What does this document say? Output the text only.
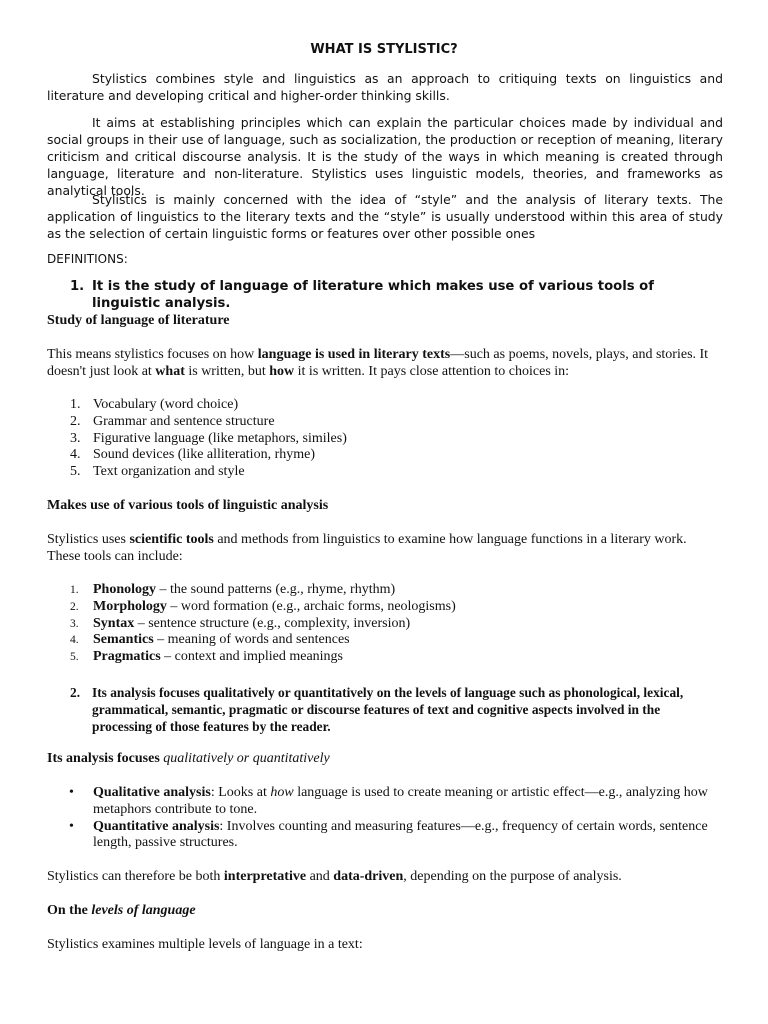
WHAT IS STYLISTIC?

Stylistics combines style and linguistics as an approach to critiquing texts on linguistics and literature and developing critical and higher-order thinking skills.

It aims at establishing principles which can explain the particular choices made by individual and social groups in their use of language, such as socialization, the production or reception of meaning, literary criticism and critical discourse analysis. It is the study of the ways in which meaning is created through language, literature and non-literature. Stylistics uses linguistic models, theories, and frameworks as analytical tools.

Stylistics is mainly concerned with the idea of “style” and the analysis of literary texts. The application of linguistics to the literary texts and the “style” is usually understood within this area of study as the selection of certain linguistic forms or features over other possible ones

DEFINITIONS:
1. It is the study of language of literature which makes use of various tools of linguistic analysis.

Study of language of literature

This means stylistics focuses on how language is used in literary texts—such as poems, novels, plays, and stories. It doesn't just look at what is written, but how it is written. It pays close attention to choices in:

1. Vocabulary (word choice)
2. Grammar and sentence structure
3. Figurative language (like metaphors, similes)
4. Sound devices (like alliteration, rhyme)
5. Text organization and style

Makes use of various tools of linguistic analysis

Stylistics uses scientific tools and methods from linguistics to examine how language functions in a literary work. These tools can include:

1. Phonology – the sound patterns (e.g., rhyme, rhythm)
2. Morphology – word formation (e.g., archaic forms, neologisms)
3. Syntax – sentence structure (e.g., complexity, inversion)
4. Semantics – meaning of words and sentences
5. Pragmatics – context and implied meanings
2. Its analysis focuses qualitatively or quantitatively on the levels of language such as phonological, lexical, grammatical, semantic, pragmatic or discourse features of text and cognitive aspects involved in the processing of those features by the reader.

Its analysis focuses qualitatively or quantitatively

• Qualitative analysis: Looks at how language is used to create meaning or artistic effect—e.g., analyzing how metaphors contribute to tone.
• Quantitative analysis: Involves counting and measuring features—e.g., frequency of certain words, sentence length, passive structures.

Stylistics can therefore be both interpretative and data-driven, depending on the purpose of analysis.

On the levels of language

Stylistics examines multiple levels of language in a text:
